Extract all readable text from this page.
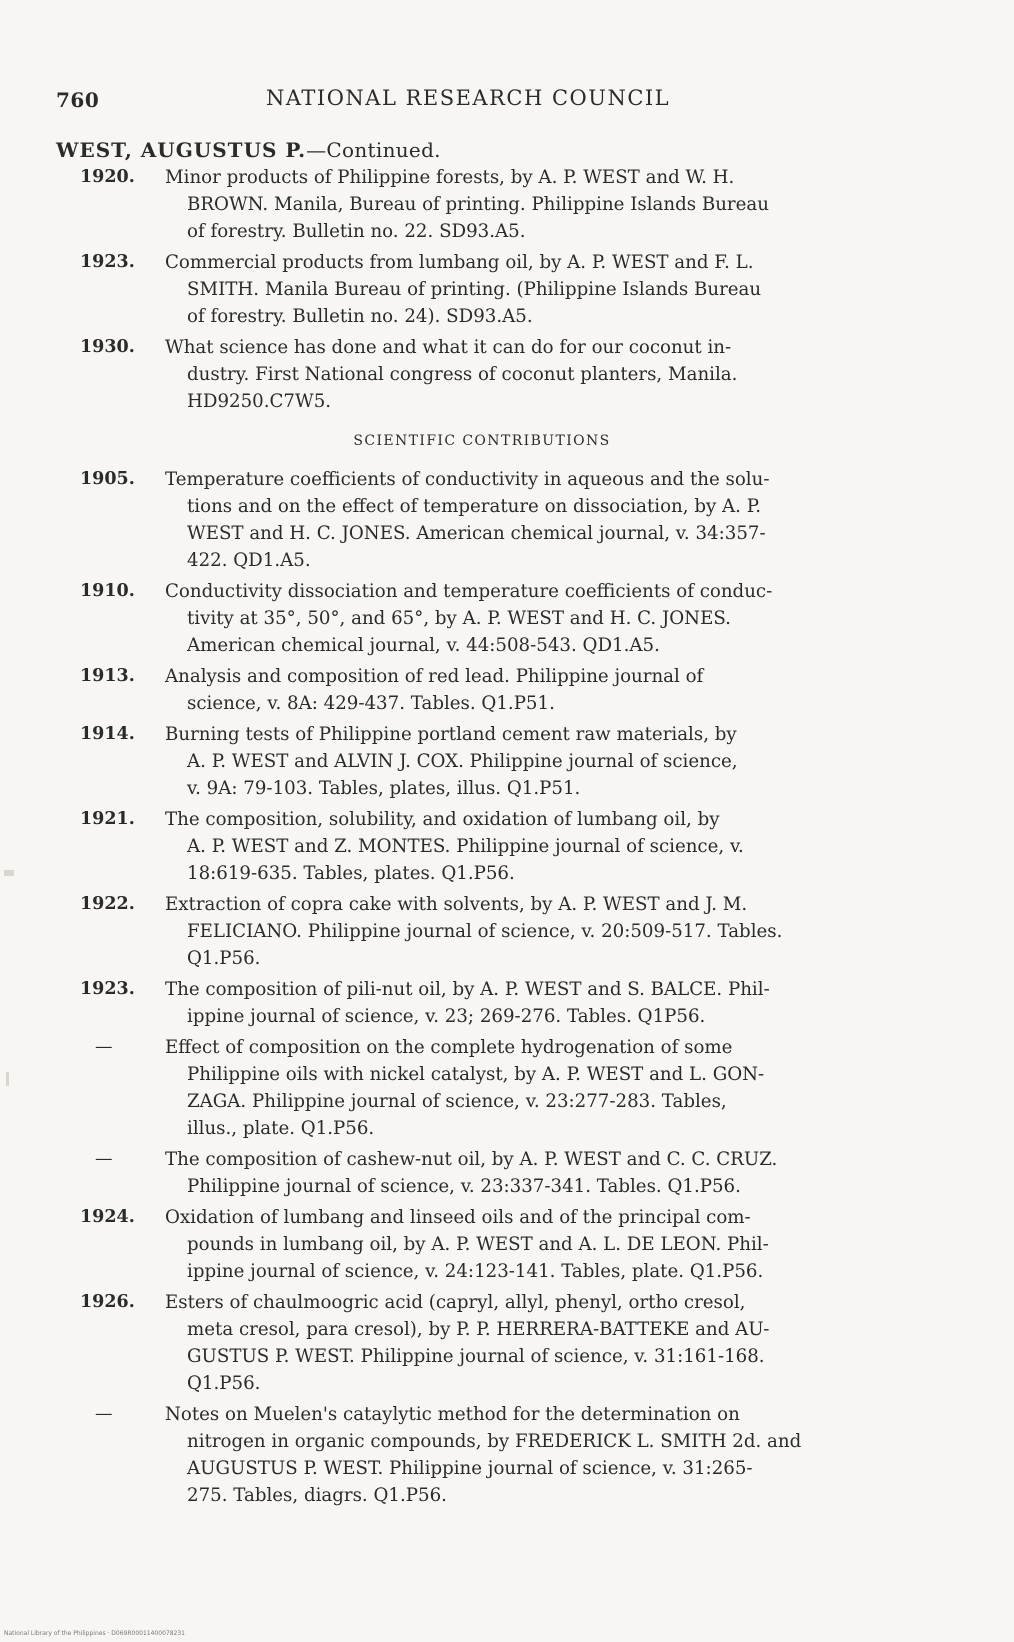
760	NATIONAL RESEARCH COUNCIL
WEST, AUGUSTUS P.—Continued.
1920.	Minor products of Philippine forests, by A. P. WEST and W. H.
BROWN. Manila, Bureau of printing. Philippine Islands Bureau
of forestry. Bulletin no. 22. SD93.A5.
1923.	Commercial products from lumbang oil, by A. P. WEST and F. L.
SMITH. Manila Bureau of printing. (Philippine Islands Bureau
of forestry. Bulletin no. 24). SD93.A5.
1930.	What science has done and what it can do for our coconut in-
dustry. First National congress of coconut planters, Manila.
HD9250.C7W5.
SCIENTIFIC CONTRIBUTIONS
1905.	Temperature coefficients of conductivity in aqueous and the solu-
tions and on the effect of temperature on dissociation, by A. P.
WEST and H. C. JONES. American chemical journal, v. 34:357-
422. QD1.A5.
1910.	Conductivity dissociation and temperature coefficients of conduc-
tivity at 35°, 50°, and 65°, by A. P. WEST and H. C. JONES.
American chemical journal, v. 44:508-543. QD1.A5.
1913.	Analysis and composition of red lead. Philippine journal of
science, v. 8A: 429-437. Tables. Q1.P51.
1914.	Burning tests of Philippine portland cement raw materials, by
A. P. WEST and ALVIN J. COX. Philippine journal of science,
v. 9A: 79-103. Tables, plates, illus. Q1.P51.
1921.	The composition, solubility, and oxidation of lumbang oil, by
A. P. WEST and Z. MONTES. Philippine journal of science, v.
18:619-635. Tables, plates. Q1.P56.
1922.	Extraction of copra cake with solvents, by A. P. WEST and J. M.
FELICIANO. Philippine journal of science, v. 20:509-517. Tables.
Q1.P56.
1923.	The composition of pili-nut oil, by A. P. WEST and S. BALCE. Phil-
ippine journal of science, v. 23; 269-276. Tables. Q1P56.
—	Effect of composition on the complete hydrogenation of some
Philippine oils with nickel catalyst, by A. P. WEST and L. GON-
ZAGA. Philippine journal of science, v. 23:277-283. Tables,
illus., plate. Q1.P56.
—	The composition of cashew-nut oil, by A. P. WEST and C. C. CRUZ.
Philippine journal of science, v. 23:337-341. Tables. Q1.P56.
1924.	Oxidation of lumbang and linseed oils and of the principal com-
pounds in lumbang oil, by A. P. WEST and A. L. DE LEON. Phil-
ippine journal of science, v. 24:123-141. Tables, plate. Q1.P56.
1926.	Esters of chaulmoogric acid (capryl, allyl, phenyl, ortho cresol,
meta cresol, para cresol), by P. P. HERRERA-BATTEKE and AU-
GUSTUS P. WEST. Philippine journal of science, v. 31:161-168.
Q1.P56.
—	Notes on Muelen's cataylytic method for the determination on
nitrogen in organic compounds, by FREDERICK L. SMITH 2d. and
AUGUSTUS P. WEST. Philippine journal of science, v. 31:265-
275. Tables, diagrs. Q1.P56.
National Library of the Philippines · D069R00011400078231
